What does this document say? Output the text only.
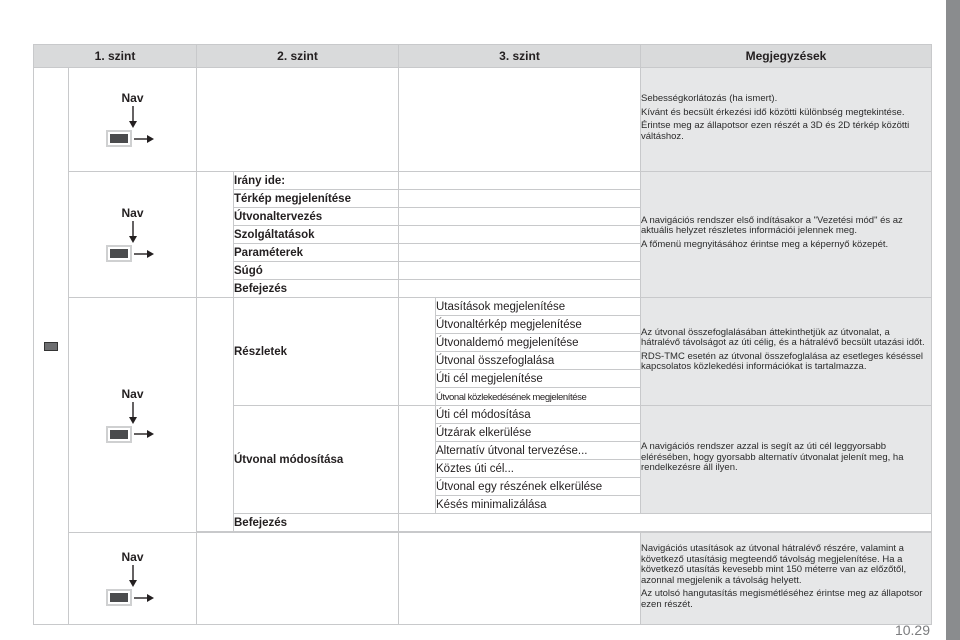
1. szint		2. szint		3. szint		Megjegyzések

	Nav					Sebességkorlátozás (ha ismert).

Kívánt és becsült érkezési idő közötti különbség megtekintése.

Érintse meg az állapotsor ezen részét a 3D és 2D térkép közötti váltáshoz.

	Nav		Irány ide:			A navigációs rendszer első indításakor a "Vezetési mód" és az aktuális helyzet részletes információi jelennek meg.

A főmenü megnyitásához érintse meg a képernyő közepét.

			Térkép megjelenítése			
			Útvonaltervezés			
			Szolgáltatások			
			Paraméterek			
			Súgó			
			Befejezés			

	Nav		Részletek		Utasítások megjelenítése	Az útvonal összefoglalásában áttekinthetjük az útvonalat, a hátralévő távolságot az úti célig, és a hátralévő becsült utazási időt.

RDS-TMC esetén az útvonal összefoglalása az esetleges késéssel kapcsolatos közlekedési információkat is tartalmazza.

					Útvonaltérkép megjelenítése	
					Útvonaldemó megjelenítése	
					Útvonal összefoglalása	
					Úti cél megjelenítése	
					Útvonal közlekedésének megjelenítése	
			Útvonal módosítása		Úti cél módosítása	A navigációs rendszer azzal is segít az úti cél leggyorsabb elérésében, hogy gyorsabb alternatív útvonalat jelenít meg, ha rendelkezésre áll ilyen.

					Útzárak elkerülése	
					Alternatív útvonal tervezése...	
					Köztes úti cél...	
					Útvonal egy részének elkerülése	
					Késés minimalizálása	
			Befejezés			

	Nav					Navigációs utasítások az útvonal hátralévő részére, valamint a következő utasításig megteendő távolság megjelenítése. Ha a következő utasítás kevesebb mint 150 méterre van az előzőtől, azonnal megjelenik a távolság helyett.

Az utolsó hangutasítás megismétléséhez érintse meg az állapotsor ezen részét.

10.29
